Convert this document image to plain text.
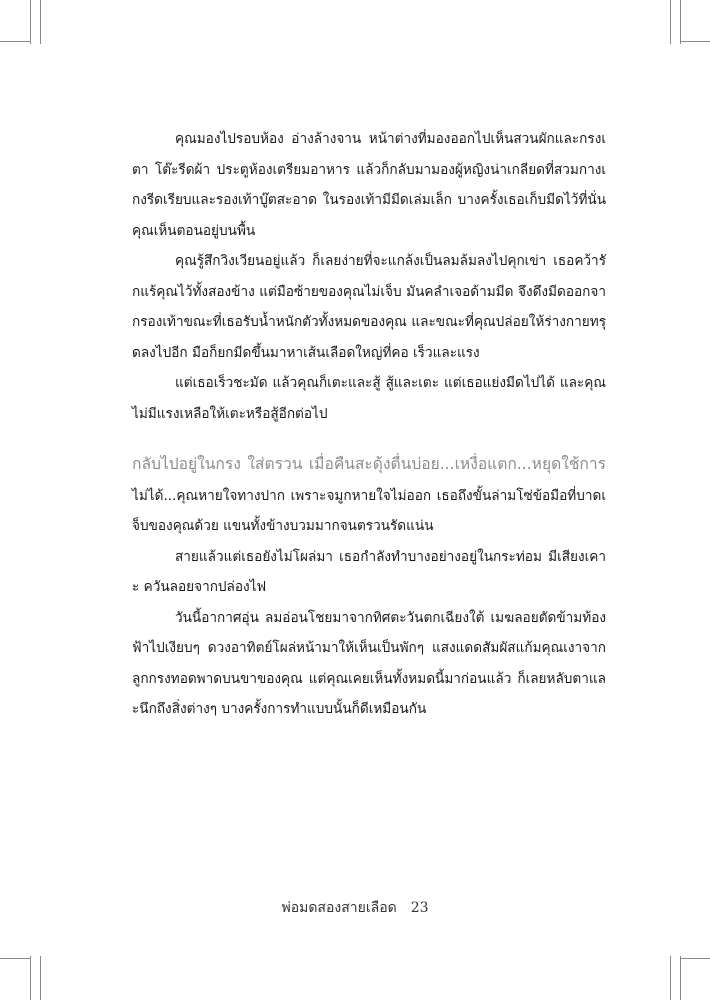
คุณมองไปรอบห้อง อ่างล้างจาน หน้าต่างที่มองออกไปเห็นสวนผักและกรงเตา โต๊ะรีดผ้า ประตูห้องเตรียมอาหาร แล้วก็กลับมามองผู้หญิงน่าเกลียดที่สวมกางเกงรีดเรียบและรองเท้าบู๊ตสะอาด ในรองเท้ามีมีดเล่มเล็ก บางครั้งเธอเก็บมีดไว้ที่นั่น คุณเห็นตอนอยู่บนพื้น

คุณรู้สึกวิงเวียนอยู่แล้ว ก็เลยง่ายที่จะแกล้งเป็นลมล้มลงไปคุกเข่า เธอคว้ารักแร้คุณไว้ทั้งสองข้าง แต่มือซ้ายของคุณไม่เจ็บ มันคลำเจอด้ามมีด จึงดึงมีดออกจากรองเท้าขณะที่เธอรับน้ำหนักตัวทั้งหมดของคุณ และขณะที่คุณปล่อยให้ร่างกายทรุดลงไปอีก มือก็ยกมีดขึ้นมาหาเส้นเลือดใหญ่ที่คอ เร็วและแรง

แต่เธอเร็วชะมัด แล้วคุณก็เตะและสู้ สู้และเตะ แต่เธอแย่งมีดไปได้ และคุณไม่มีแรงเหลือให้เตะหรือสู้อีกต่อไป

กลับไปอยู่ในกรง ใส่ตรวน เมื่อคืนสะดุ้งตื่นบ่อย...เหงื่อแตก...หยุดใช้การไม่ได้...คุณหายใจทางปาก เพราะจมูกหายใจไม่ออก เธอถึงขั้นล่ามโซ่ข้อมือที่บาดเจ็บของคุณด้วย แขนทั้งข้างบวมมากจนตรวนรัดแน่น

สายแล้วแต่เธอยังไม่โผล่มา เธอกำลังทำบางอย่างอยู่ในกระท่อม มีเสียงเคาะ ควันลอยจากปล่องไฟ

วันนี้อากาศอุ่น ลมอ่อนโชยมาจากทิศตะวันตกเฉียงใต้ เมฆลอยตัดข้ามท้องฟ้าไปเงียบๆ ดวงอาทิตย์โผล่หน้ามาให้เห็นเป็นพักๆ แสงแดดสัมผัสแก้มคุณเงาจากลูกกรงทอดพาดบนขาของคุณ แต่คุณเคยเห็นทั้งหมดนี้มาก่อนแล้ว ก็เลยหลับตาและนึกถึงสิ่งต่างๆ บางครั้งการทำแบบนั้นก็ดีเหมือนกัน

พ่อมดสองสายเลือด 23
